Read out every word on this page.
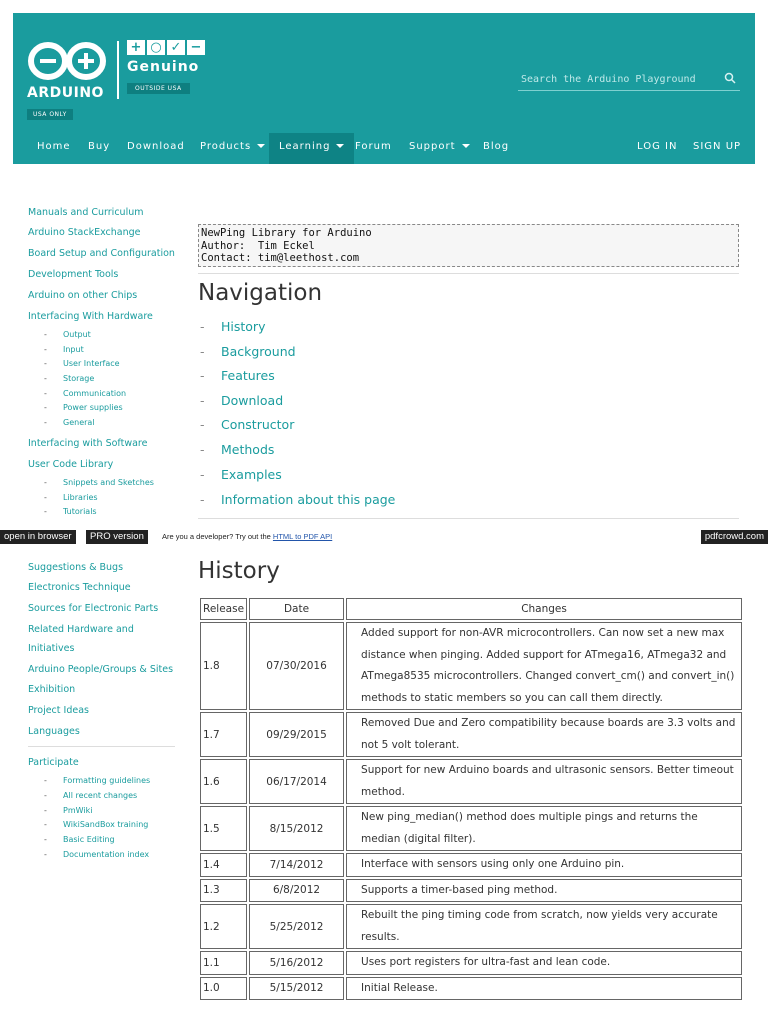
ARDUINO
USA ONLY
+ ○ ✓ −
Genuino
OUTSIDE USA
Search the Arduino Playground
Home Buy Download Products	Learning	Forum Support	Blog	LOG IN SIGN UP
Manuals and Curriculum
Arduino StackExchange
Board Setup and Configuration
Development Tools
Arduino on other Chips
Interfacing With Hardware
- Output
- Input
- User Interface
- Storage
- Communication
- Power supplies
- General
Interfacing with Software
User Code Library
- Snippets and Sketches
- Libraries
- Tutorials
Suggestions & Bugs
Electronics Technique
Sources for Electronic Parts
Related Hardware and
Initiatives
Arduino People/Groups & Sites
Exhibition
Project Ideas
Languages
Participate
- Formatting guidelines
- All recent changes
- PmWiki
- WikiSandBox training
- Basic Editing
- Documentation index
NewPing Library for Arduino
Author:  Tim Eckel
Contact: tim@leethost.com
Navigation
- History
- Background
- Features
- Download
- Constructor
- Methods
- Examples
- Information about this page
open in browser	PRO version	Are you a developer? Try out the HTML to PDF API	pdfcrowd.com
History
Release	Date	Changes
1.8	07/30/2016	Added support for non-AVR microcontrollers. Can now set a new max distance when pinging. Added support for ATmega16, ATmega32 and ATmega8535 microcontrollers. Changed convert_cm() and convert_in() methods to static members so you can call them directly.
1.7	09/29/2015	Removed Due and Zero compatibility because boards are 3.3 volts and not 5 volt tolerant.
1.6	06/17/2014	Support for new Arduino boards and ultrasonic sensors. Better timeout method.
1.5	8/15/2012	New ping_median() method does multiple pings and returns the median (digital filter).
1.4	7/14/2012	Interface with sensors using only one Arduino pin.
1.3	6/8/2012	Supports a timer-based ping method.
1.2	5/25/2012	Rebuilt the ping timing code from scratch, now yields very accurate results.
1.1	5/16/2012	Uses port registers for ultra-fast and lean code.
1.0	5/15/2012	Initial Release.
